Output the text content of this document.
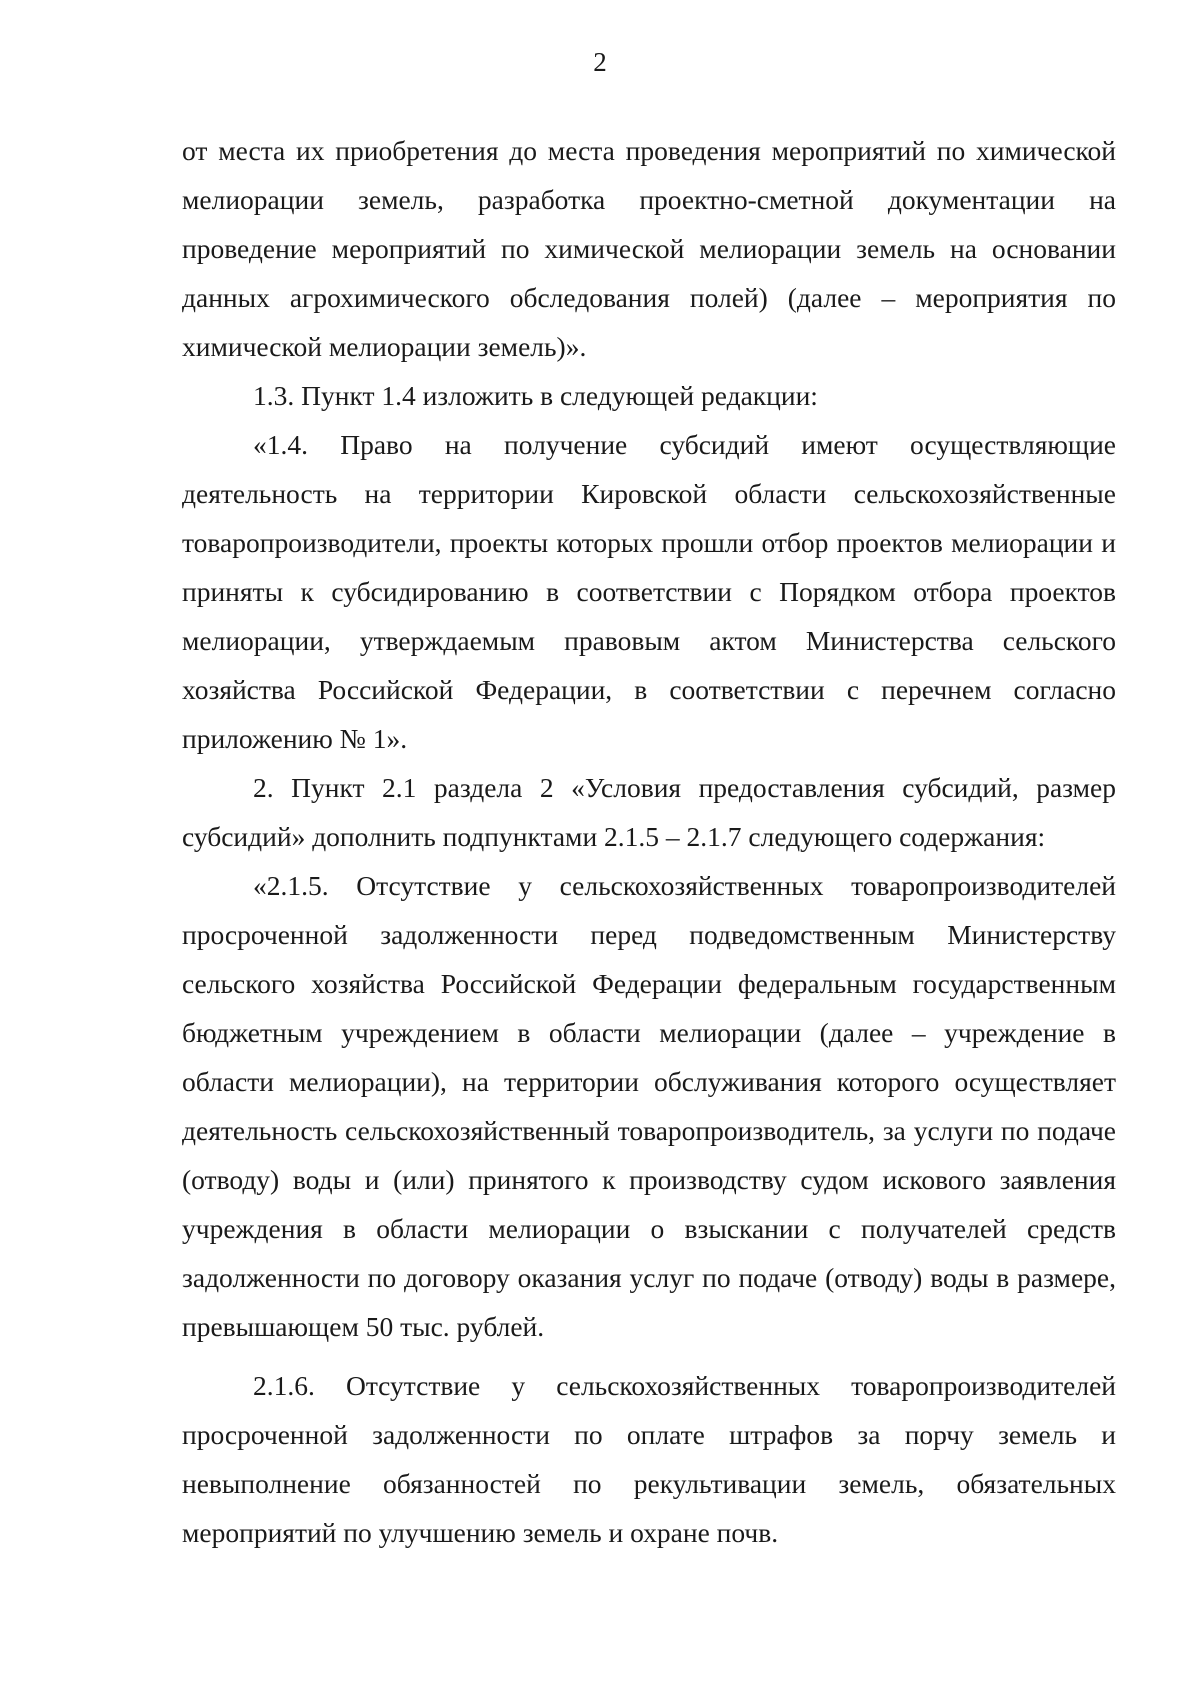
2

от места их приобретения до места проведения мероприятий по химической мелиорации земель, разработка проектно-сметной документации на проведение мероприятий по химической мелиорации земель на основании данных агрохимического обследования полей) (далее – мероприятия по химической мелиорации земель)».

1.3. Пункт 1.4 изложить в следующей редакции:

«1.4. Право на получение субсидий имеют осуществляющие деятельность на территории Кировской области сельскохозяйственные товаропроизводители, проекты которых прошли отбор проектов мелиорации и приняты к субсидированию в соответствии с Порядком отбора проектов мелиорации, утверждаемым правовым актом Министерства сельского хозяйства Российской Федерации, в соответствии с перечнем согласно приложению № 1».

2. Пункт 2.1 раздела 2 «Условия предоставления субсидий, размер субсидий» дополнить подпунктами 2.1.5 – 2.1.7 следующего содержания:

«2.1.5. Отсутствие у сельскохозяйственных товаропроизводителей просроченной задолженности перед подведомственным Министерству сельского хозяйства Российской Федерации федеральным государственным бюджетным учреждением в области мелиорации (далее – учреждение в области мелиорации), на территории обслуживания которого осуществляет деятельность сельскохозяйственный товаропроизводитель, за услуги по подаче (отводу) воды и (или) принятого к производству судом искового заявления учреждения в области мелиорации о взыскании с получателей средств задолженности по договору оказания услуг по подаче (отводу) воды в размере, превышающем 50 тыс. рублей.

2.1.6. Отсутствие у сельскохозяйственных товаропроизводителей просроченной задолженности по оплате штрафов за порчу земель и невыполнение обязанностей по рекультивации земель, обязательных мероприятий по улучшению земель и охране почв.
